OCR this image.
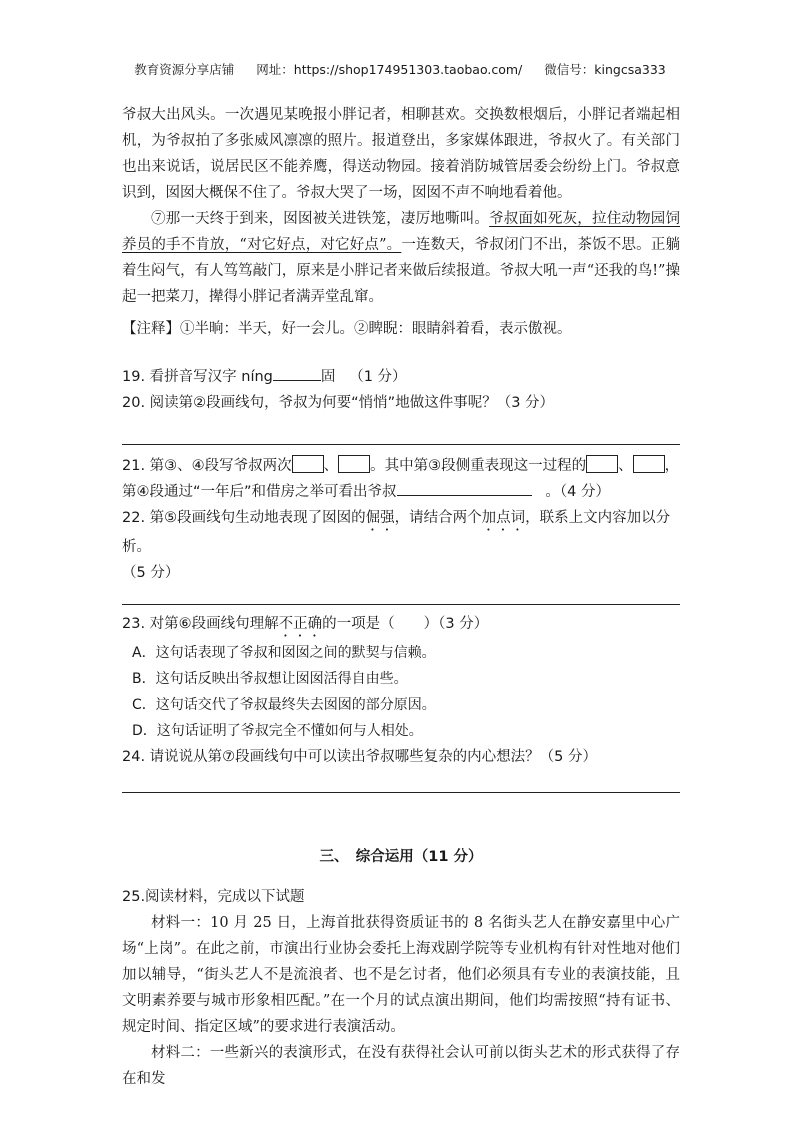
教育资源分享店铺 网址：https://shop174951303.taobao.com/ 微信号：kingcsa333

爷叔大出风头。一次遇见某晚报小胖记者，相聊甚欢。交换数根烟后，小胖记者端起相机，为爷叔拍了多张威风凛凛的照片。报道登出，多家媒体跟进，爷叔火了。有关部门也出来说话，说居民区不能养鹰，得送动物园。接着消防城管居委会纷纷上门。爷叔意识到，囡囡大概保不住了。爷叔大哭了一场，囡囡不声不响地看着他。

⑦那一天终于到来，囡囡被关进铁笼，凄厉地嘶叫。爷叔面如死灰，拉住动物园饲养员的手不肯放，“对它好点，对它好点”。一连数天，爷叔闭门不出，茶饭不思。正躺着生闷气，有人笃笃敲门，原来是小胖记者来做后续报道。爷叔大吼一声“还我的鸟!”操起一把菜刀，撵得小胖记者满弄堂乱窜。

【注释】①半晌：半天，好一会儿。②睥睨：眼睛斜着看，表示傲视。

19. 看拼音写汉字 níng	固 （1 分）

20. 阅读第②段画线句，爷叔为何要“悄悄”地做这件事呢？（3 分）

21. 第③、④段写爷叔两次 、 。其中第③段侧重表现这一过程的 、 ，

第④段通过“一年后”和借房之举可看出爷叔	。（4 分）

22. 第⑤段画线句生动地表现了囡囡的倔强，请结合两个加点词，联系上文内容加以分析。

（5 分）

23. 对第⑥段画线句理解不正确的一项是（　　）（3 分）

A．这句话表现了爷叔和囡囡之间的默契与信赖。

B．这句话反映出爷叔想让囡囡活得自由些。

C．这句话交代了爷叔最终失去囡囡的部分原因。

D．这句话证明了爷叔完全不懂如何与人相处。

24. 请说说从第⑦段画线句中可以读出爷叔哪些复杂的内心想法？（5 分）

三、　综合运用（11 分）

25.阅读材料，完成以下试题

材料一：10 月 25 日，上海首批获得资质证书的 8 名街头艺人在静安嘉里中心广场“上岗”。在此之前，市演出行业协会委托上海戏剧学院等专业机构有针对性地对他们加以辅导，“街头艺人不是流浪者、也不是乞讨者，他们必须具有专业的表演技能，且文明素养要与城市形象相匹配。”在一个月的试点演出期间，他们均需按照“持有证书、规定时间、指定区域”的要求进行表演活动。

材料二：一些新兴的表演形式，在没有获得社会认可前以街头艺术的形式获得了存在和发
